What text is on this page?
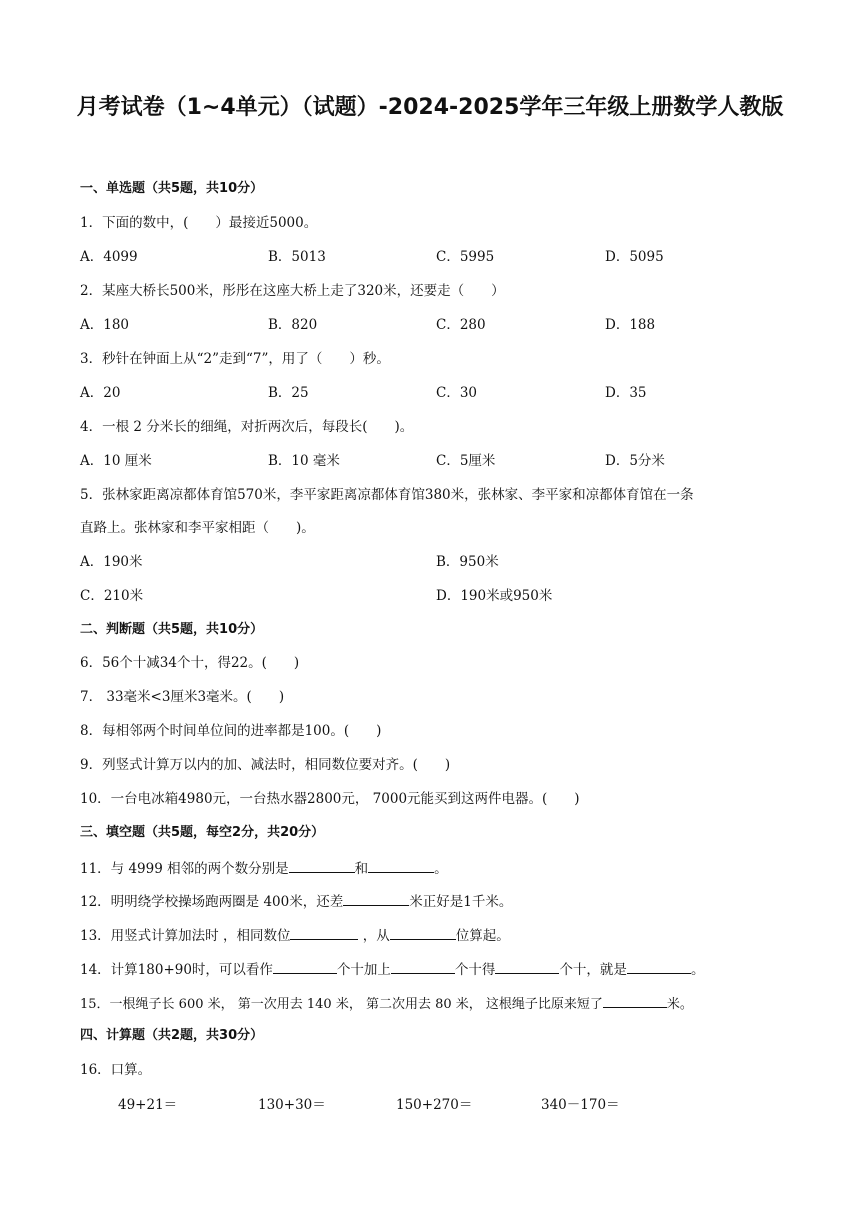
月考试卷（1~4单元）（试题）-2024-2025学年三年级上册数学人教版
一、单选题（共5题，共10分）
1．下面的数中，(　　）最接近5000。
A．4099	B．5013	C．5995	D．5095
2．某座大桥长500米，彤彤在这座大桥上走了320米，还要走（　　）
A．180	B．820	C．280	D．188
3．秒针在钟面上从“2”走到“7”，用了（　　）秒。
A．20	B．25	C．30	D．35
4．一根 2 分米长的细绳，对折两次后，每段长(　　)。
A．10 厘米	B．10 毫米	C．5厘米	D．5分米
5．张林家距离凉都体育馆570米，李平家距离凉都体育馆380米，张林家、李平家和凉都体育馆在一条
直路上。张林家和李平家相距（　　)。
A．190米	B．950米
C．210米	D．190米或950米
二、判断题（共5题，共10分）
6．56个十减34个十，得22。(　　)
7． 33毫米<3厘米3毫米。(　　)
8．每相邻两个时间单位间的进率都是100。(　　)
9．列竖式计算万以内的加、减法时，相同数位要对齐。(　　)
10．一台电冰箱4980元，一台热水器2800元， 7000元能买到这两件电器。(　　)
三、填空题（共5题，每空2分，共20分）
11．与 4999 相邻的两个数分别是	和	。
12．明明绕学校操场跑两圈是 400米，还差	米正好是1千米。
13．用竖式计算加法时 ，相同数位	，从	位算起。
14．计算180+90时，可以看作	个十加上	个十得	个十，就是	。
15．一根绳子长 600 米， 第一次用去 140 米， 第二次用去 80 米， 这根绳子比原来短了	米。
四、计算题（共2题，共30分）
16．口算。
49+21＝	130+30＝	150+270＝	340－170＝
